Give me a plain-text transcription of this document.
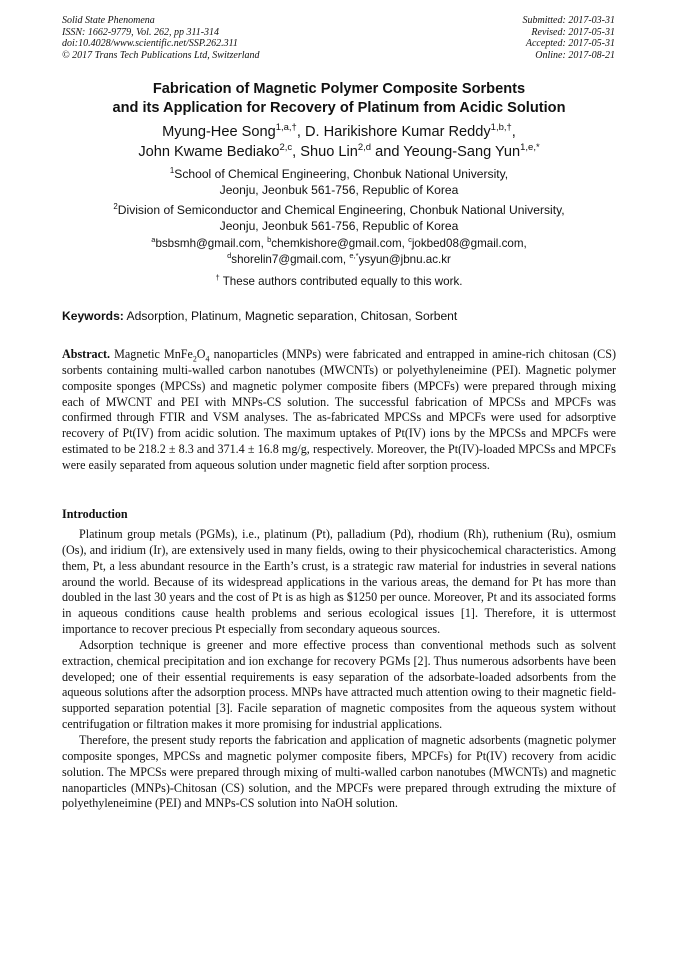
Solid State Phenomena
ISSN: 1662-9779, Vol. 262, pp 311-314
doi:10.4028/www.scientific.net/SSP.262.311
© 2017 Trans Tech Publications Ltd, Switzerland
Submitted: 2017-03-31
Revised: 2017-05-31
Accepted: 2017-05-31
Online: 2017-08-21
Fabrication of Magnetic Polymer Composite Sorbents
and its Application for Recovery of Platinum from Acidic Solution
Myung-Hee Song$^{1,a,\dagger}$, D. Harikishore Kumar Reddy$^{1,b,\dagger}$,
John Kwame Bediako$^{2,c}$, Shuo Lin$^{2,d}$ and Yeoung-Sang Yun$^{1,e,*}$
$^1$School of Chemical Engineering, Chonbuk National University,
Jeonju, Jeonbuk 561-756, Republic of Korea
$^2$Division of Semiconductor and Chemical Engineering, Chonbuk National University,
Jeonju, Jeonbuk 561-756, Republic of Korea
$^a$bsbsmh@gmail.com, $^b$chemkishore@gmail.com, $^c$jokbed08@gmail.com,
$^d$shorelin7@gmail.com, $^{e,*}$ysyun@jbnu.ac.kr
† These authors contributed equally to this work.
Keywords: Adsorption, Platinum, Magnetic separation, Chitosan, Sorbent
Abstract. Magnetic $MnFe_2O_4$ nanoparticles (MNPs) were fabricated and entrapped in amine-rich chitosan (CS) sorbents containing multi-walled carbon nanotubes (MWCNTs) or polyethyleneimine (PEI). Magnetic polymer composite sponges (MPCSs) and magnetic polymer composite fibers (MPCFs) were prepared through mixing each of MWCNT and PEI with MNPs-CS solution. The successful fabrication of MPCSs and MPCFs was confirmed through FTIR and VSM analyses. The as-fabricated MPCSs and MPCFs were used for adsorptive recovery of Pt(IV) from acidic solution. The maximum uptakes of Pt(IV) ions by the MPCSs and MPCFs were estimated to be 218.2 ± 8.3 and 371.4 ± 16.8 mg/g, respectively. Moreover, the Pt(IV)-loaded MPCSs and MPCFs were easily separated from aqueous solution under magnetic field after sorption process.
Introduction

Platinum group metals (PGMs), i.e., platinum (Pt), palladium (Pd), rhodium (Rh), ruthenium (Ru), osmium (Os), and iridium (Ir), are extensively used in many fields, owing to their physicochemical characteristics. Among them, Pt, a less abundant resource in the Earth’s crust, is a strategic raw material for industries in several nations around the world. Because of its widespread applications in the various areas, the demand for Pt has more than doubled in the last 30 years and the cost of Pt is as high as $1250 per ounce. Moreover, Pt and its associated forms in aqueous conditions cause health problems and serious ecological issues [1]. Therefore, it is uttermost importance to recover precious Pt especially from secondary aqueous sources.

Adsorption technique is greener and more effective process than conventional methods such as solvent extraction, chemical precipitation and ion exchange for recovery PGMs [2]. Thus numerous adsorbents have been developed; one of their essential requirements is easy separation of the adsorbate-loaded adsorbents from the aqueous solutions after the adsorption process. MNPs have attracted much attention owing to their magnetic field-supported separation potential [3]. Facile separation of magnetic composites from the aqueous system without centrifugation or filtration makes it more promising for industrial applications.

Therefore, the present study reports the fabrication and application of magnetic adsorbents (magnetic polymer composite sponges, MPCSs and magnetic polymer composite fibers, MPCFs) for Pt(IV) recovery from acidic solution. The MPCSs were prepared through mixing of multi-walled carbon nanotubes (MWCNTs) and magnetic nanoparticles (MNPs)-Chitosan (CS) solution, and the MPCFs were prepared through extruding the mixture of polyethyleneimine (PEI) and MNPs-CS solution into NaOH solution.
